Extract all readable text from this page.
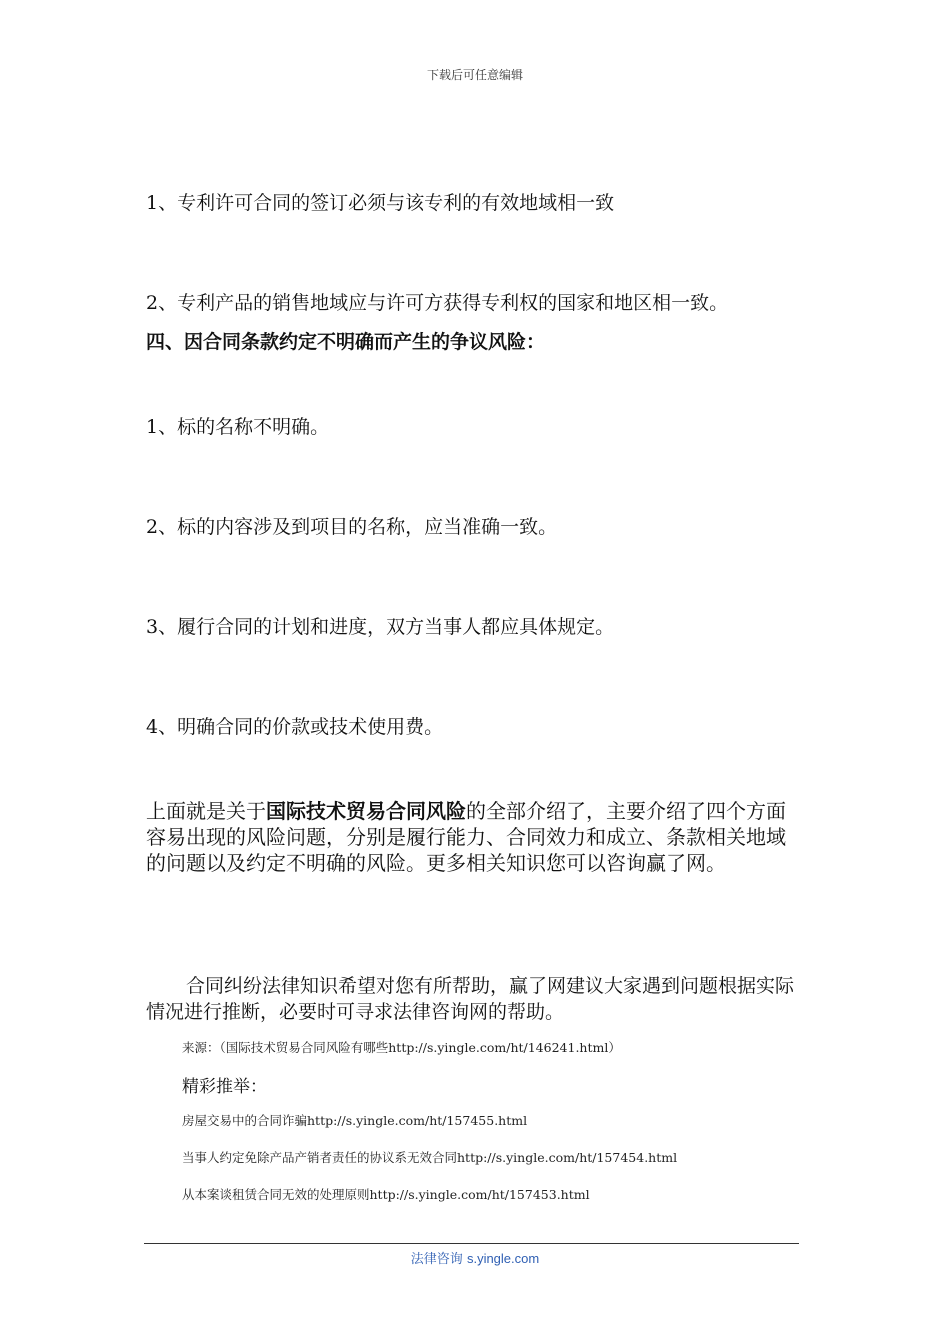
下载后可任意编辑
1、专利许可合同的签订必须与该专利的有效地域相一致
2、专利产品的销售地域应与许可方获得专利权的国家和地区相一致。
四、因合同条款约定不明确而产生的争议风险：
1、标的名称不明确。
2、标的内容涉及到项目的名称，应当准确一致。
3、履行合同的计划和进度，双方当事人都应具体规定。
4、明确合同的价款或技术使用费。
上面就是关于国际技术贸易合同风险的全部介绍了，主要介绍了四个方面容易出现的风险问题，分别是履行能力、合同效力和成立、条款相关地域的问题以及约定不明确的风险。更多相关知识您可以咨询赢了网。
合同纠纷法律知识希望对您有所帮助，赢了网建议大家遇到问题根据实际情况进行推断，必要时可寻求法律咨询网的帮助。
来源：（国际技术贸易合同风险有哪些http://s.yingle.com/ht/146241.html）
精彩推举：
房屋交易中的合同诈骗http://s.yingle.com/ht/157455.html
当事人约定免除产品产销者责任的协议系无效合同http://s.yingle.com/ht/157454.html
从本案谈租赁合同无效的处理原则http://s.yingle.com/ht/157453.html
法律咨询 s.yingle.com
